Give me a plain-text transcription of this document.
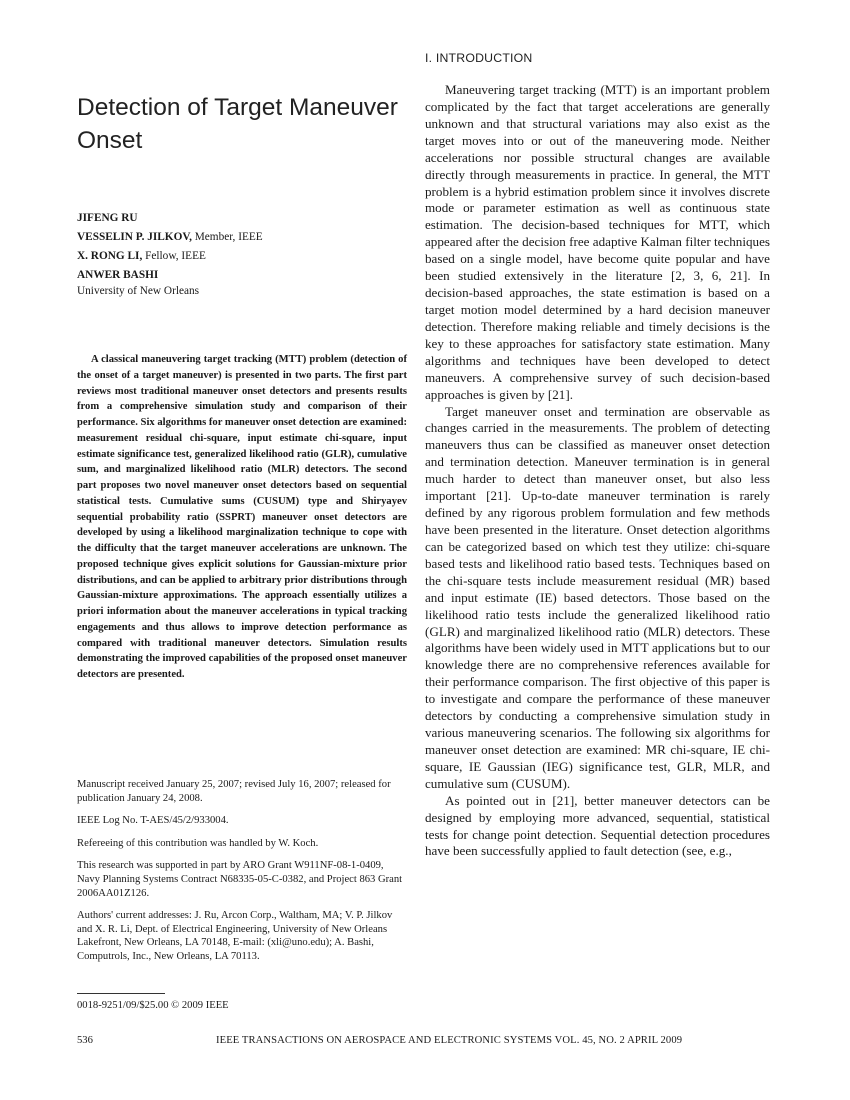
I. INTRODUCTION
Detection of Target Maneuver Onset

JIFENG RU

VESSELIN P. JILKOV, Member, IEEE

X. RONG LI, Fellow, IEEE

ANWER BASHI
University of New Orleans

A classical maneuvering target tracking (MTT) problem (detection of the onset of a target maneuver) is presented in two parts. The first part reviews most traditional maneuver onset detectors and presents results from a comprehensive simulation study and comparison of their performance. Six algorithms for maneuver onset detection are examined: measurement residual chi-square, input estimate chi-square, input estimate significance test, generalized likelihood ratio (GLR), cumulative sum, and marginalized likelihood ratio (MLR) detectors. The second part proposes two novel maneuver onset detectors based on sequential statistical tests. Cumulative sums (CUSUM) type and Shiryayev sequential probability ratio (SSPRT) maneuver onset detectors are developed by using a likelihood marginalization technique to cope with the difficulty that the target maneuver accelerations are unknown. The proposed technique gives explicit solutions for Gaussian-mixture prior distributions, and can be applied to arbitrary prior distributions through Gaussian-mixture approximations. The approach essentially utilizes a priori information about the maneuver accelerations in typical tracking engagements and thus allows to improve detection performance as compared with traditional maneuver detectors. Simulation results demonstrating the improved capabilities of the proposed onset maneuver detectors are presented.

Manuscript received January 25, 2007; revised July 16, 2007; released for publication January 24, 2008.

IEEE Log No. T-AES/45/2/933004.

Refereeing of this contribution was handled by W. Koch.

This research was supported in part by ARO Grant W911NF-08-1-0409, Navy Planning Systems Contract N68335-05-C-0382, and Project 863 Grant 2006AA01Z126.

Authors' current addresses: J. Ru, Arcon Corp., Waltham, MA; V. P. Jilkov and X. R. Li, Dept. of Electrical Engineering, University of New Orleans Lakefront, New Orleans, LA 70148, E-mail: (xli@uno.edu); A. Bashi, Computrols, Inc., New Orleans, LA 70113.

0018-9251/09/$25.00 © 2009 IEEE

Maneuvering target tracking (MTT) is an important problem complicated by the fact that target accelerations are generally unknown and that structural variations may also exist as the target moves into or out of the maneuvering mode. Neither accelerations nor possible structural changes are available directly through measurements in practice. In general, the MTT problem is a hybrid estimation problem since it involves discrete mode or parameter estimation as well as continuous state estimation. The decision-based techniques for MTT, which appeared after the decision free adaptive Kalman filter techniques based on a single model, have become quite popular and have been studied extensively in the literature [2, 3, 6, 21]. In decision-based approaches, the state estimation is based on a target motion model determined by a hard decision maneuver detection. Therefore making reliable and timely decisions is the key to these approaches for satisfactory state estimation. Many algorithms and techniques have been developed to detect maneuvers. A comprehensive survey of such decision-based approaches is given by [21].

Target maneuver onset and termination are observable as changes carried in the measurements. The problem of detecting maneuvers thus can be classified as maneuver onset detection and termination detection. Maneuver termination is in general much harder to detect than maneuver onset, but also less important [21]. Up-to-date maneuver termination is rarely defined by any rigorous problem formulation and few methods have been presented in the literature. Onset detection algorithms can be categorized based on which test they utilize: chi-square based tests and likelihood ratio based tests. Techniques based on the chi-square tests include measurement residual (MR) based and input estimate (IE) based detectors. Those based on the likelihood ratio tests include the generalized likelihood ratio (GLR) and marginalized likelihood ratio (MLR) detectors. These algorithms have been widely used in MTT applications but to our knowledge there are no comprehensive references available for their performance comparison. The first objective of this paper is to investigate and compare the performance of these maneuver detectors by conducting a comprehensive simulation study in various maneuvering scenarios. The following six algorithms for maneuver onset detection are examined: MR chi-square, IE chi-square, IE Gaussian (IEG) significance test, GLR, MLR, and cumulative sum (CUSUM).

As pointed out in [21], better maneuver detectors can be designed by employing more advanced, sequential, statistical tests for change point detection. Sequential detection procedures have been successfully applied to fault detection (see, e.g.,

536	IEEE TRANSACTIONS ON AEROSPACE AND ELECTRONIC SYSTEMS VOL. 45, NO. 2 APRIL 2009
